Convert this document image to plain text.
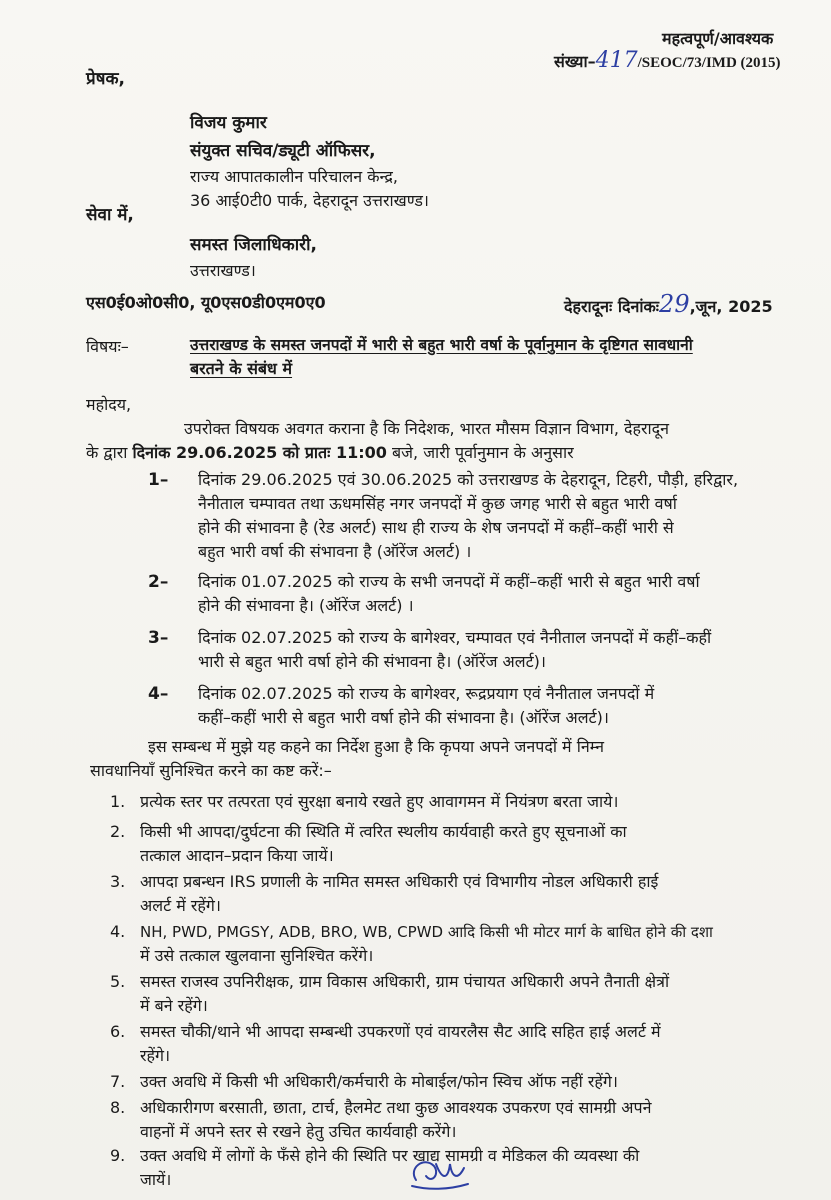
महत्वपूर्ण/आवश्यक
संख्या–417/SEOC/73/IMD (2015)
प्रेषक,
विजय कुमार
संयुक्त सचिव/ड्यूटी ऑफिसर,
राज्य आपातकालीन परिचालन केन्द्र,
36 आई0टी0 पार्क, देहरादून उत्तराखण्ड।
सेवा में,
समस्त जिलाधिकारी,
उत्तराखण्ड।
एस0ई0ओ0सी0, यू0एस0डी0एम0ए0	देहरादूनः दिनांकः29,जून, 2025
विषयः–	उत्तराखण्ड के समस्त जनपदों में भारी से बहुत भारी वर्षा के पूर्वानुमान के दृष्टिगत सावधानी
बरतने के संबंध में
महोदय,
उपरोक्त विषयक अवगत कराना है कि निदेशक, भारत मौसम विज्ञान विभाग, देहरादून
के द्वारा दिनांक 29.06.2025 को प्रातः 11:00 बजे, जारी पूर्वानुमान के अनुसार
1– दिनांक 29.06.2025 एवं 30.06.2025 को उत्तराखण्ड के देहरादून, टिहरी, पौड़ी, हरिद्वार,
नैनीताल चम्पावत तथा ऊधमसिंह नगर जनपदों में कुछ जगह भारी से बहुत भारी वर्षा
होने की संभावना है (रेड अलर्ट) साथ ही राज्य के शेष जनपदों में कहीं–कहीं भारी से
बहुत भारी वर्षा की संभावना है (ऑरेंज अलर्ट) ।
2– दिनांक 01.07.2025 को राज्य के सभी जनपदों में कहीं–कहीं भारी से बहुत भारी वर्षा
होने की संभावना है। (ऑरेंज अलर्ट) ।
3– दिनांक 02.07.2025 को राज्य के बागेश्वर, चम्पावत एवं नैनीताल जनपदों में कहीं–कहीं
भारी से बहुत भारी वर्षा होने की संभावना है। (ऑरेंज अलर्ट)।
4– दिनांक 02.07.2025 को राज्य के बागेश्वर, रूद्रप्रयाग एवं नैनीताल जनपदों में
कहीं–कहीं भारी से बहुत भारी वर्षा होने की संभावना है। (ऑरेंज अलर्ट)।
इस सम्बन्ध में मुझे यह कहने का निर्देश हुआ है कि कृपया अपने जनपदों में निम्न
सावधानियाँ सुनिश्चित करने का कष्ट करें:–
1. प्रत्येक स्तर पर तत्परता एवं सुरक्षा बनाये रखते हुए आवागमन में नियंत्रण बरता जाये।
2. किसी भी आपदा/दुर्घटना की स्थिति में त्वरित स्थलीय कार्यवाही करते हुए सूचनाओं का
तत्काल आदान–प्रदान किया जायें।
3. आपदा प्रबन्धन IRS प्रणाली के नामित समस्त अधिकारी एवं विभागीय नोडल अधिकारी हाई
अलर्ट में रहेंगे।
4. NH, PWD, PMGSY, ADB, BRO, WB, CPWD आदि किसी भी मोटर मार्ग के बाधित होने की दशा
में उसे तत्काल खुलवाना सुनिश्चित करेंगे।
5. समस्त राजस्व उपनिरीक्षक, ग्राम विकास अधिकारी, ग्राम पंचायत अधिकारी अपने तैनाती क्षेत्रों
में बने रहेंगे।
6. समस्त चौकी/थाने भी आपदा सम्बन्धी उपकरणों एवं वायरलैस सैट आदि सहित हाई अलर्ट में
रहेंगे।
7. उक्त अवधि में किसी भी अधिकारी/कर्मचारी के मोबाईल/फोन स्विच ऑफ नहीं रहेंगे।
8. अधिकारीगण बरसाती, छाता, टार्च, हैलमेट तथा कुछ आवश्यक उपकरण एवं सामग्री अपने
वाहनों में अपने स्तर से रखने हेतु उचित कार्यवाही करेंगे।
9. उक्त अवधि में लोगों के फँसे होने की स्थिति पर खाद्य सामग्री व मेडिकल की व्यवस्था की
जायें।
